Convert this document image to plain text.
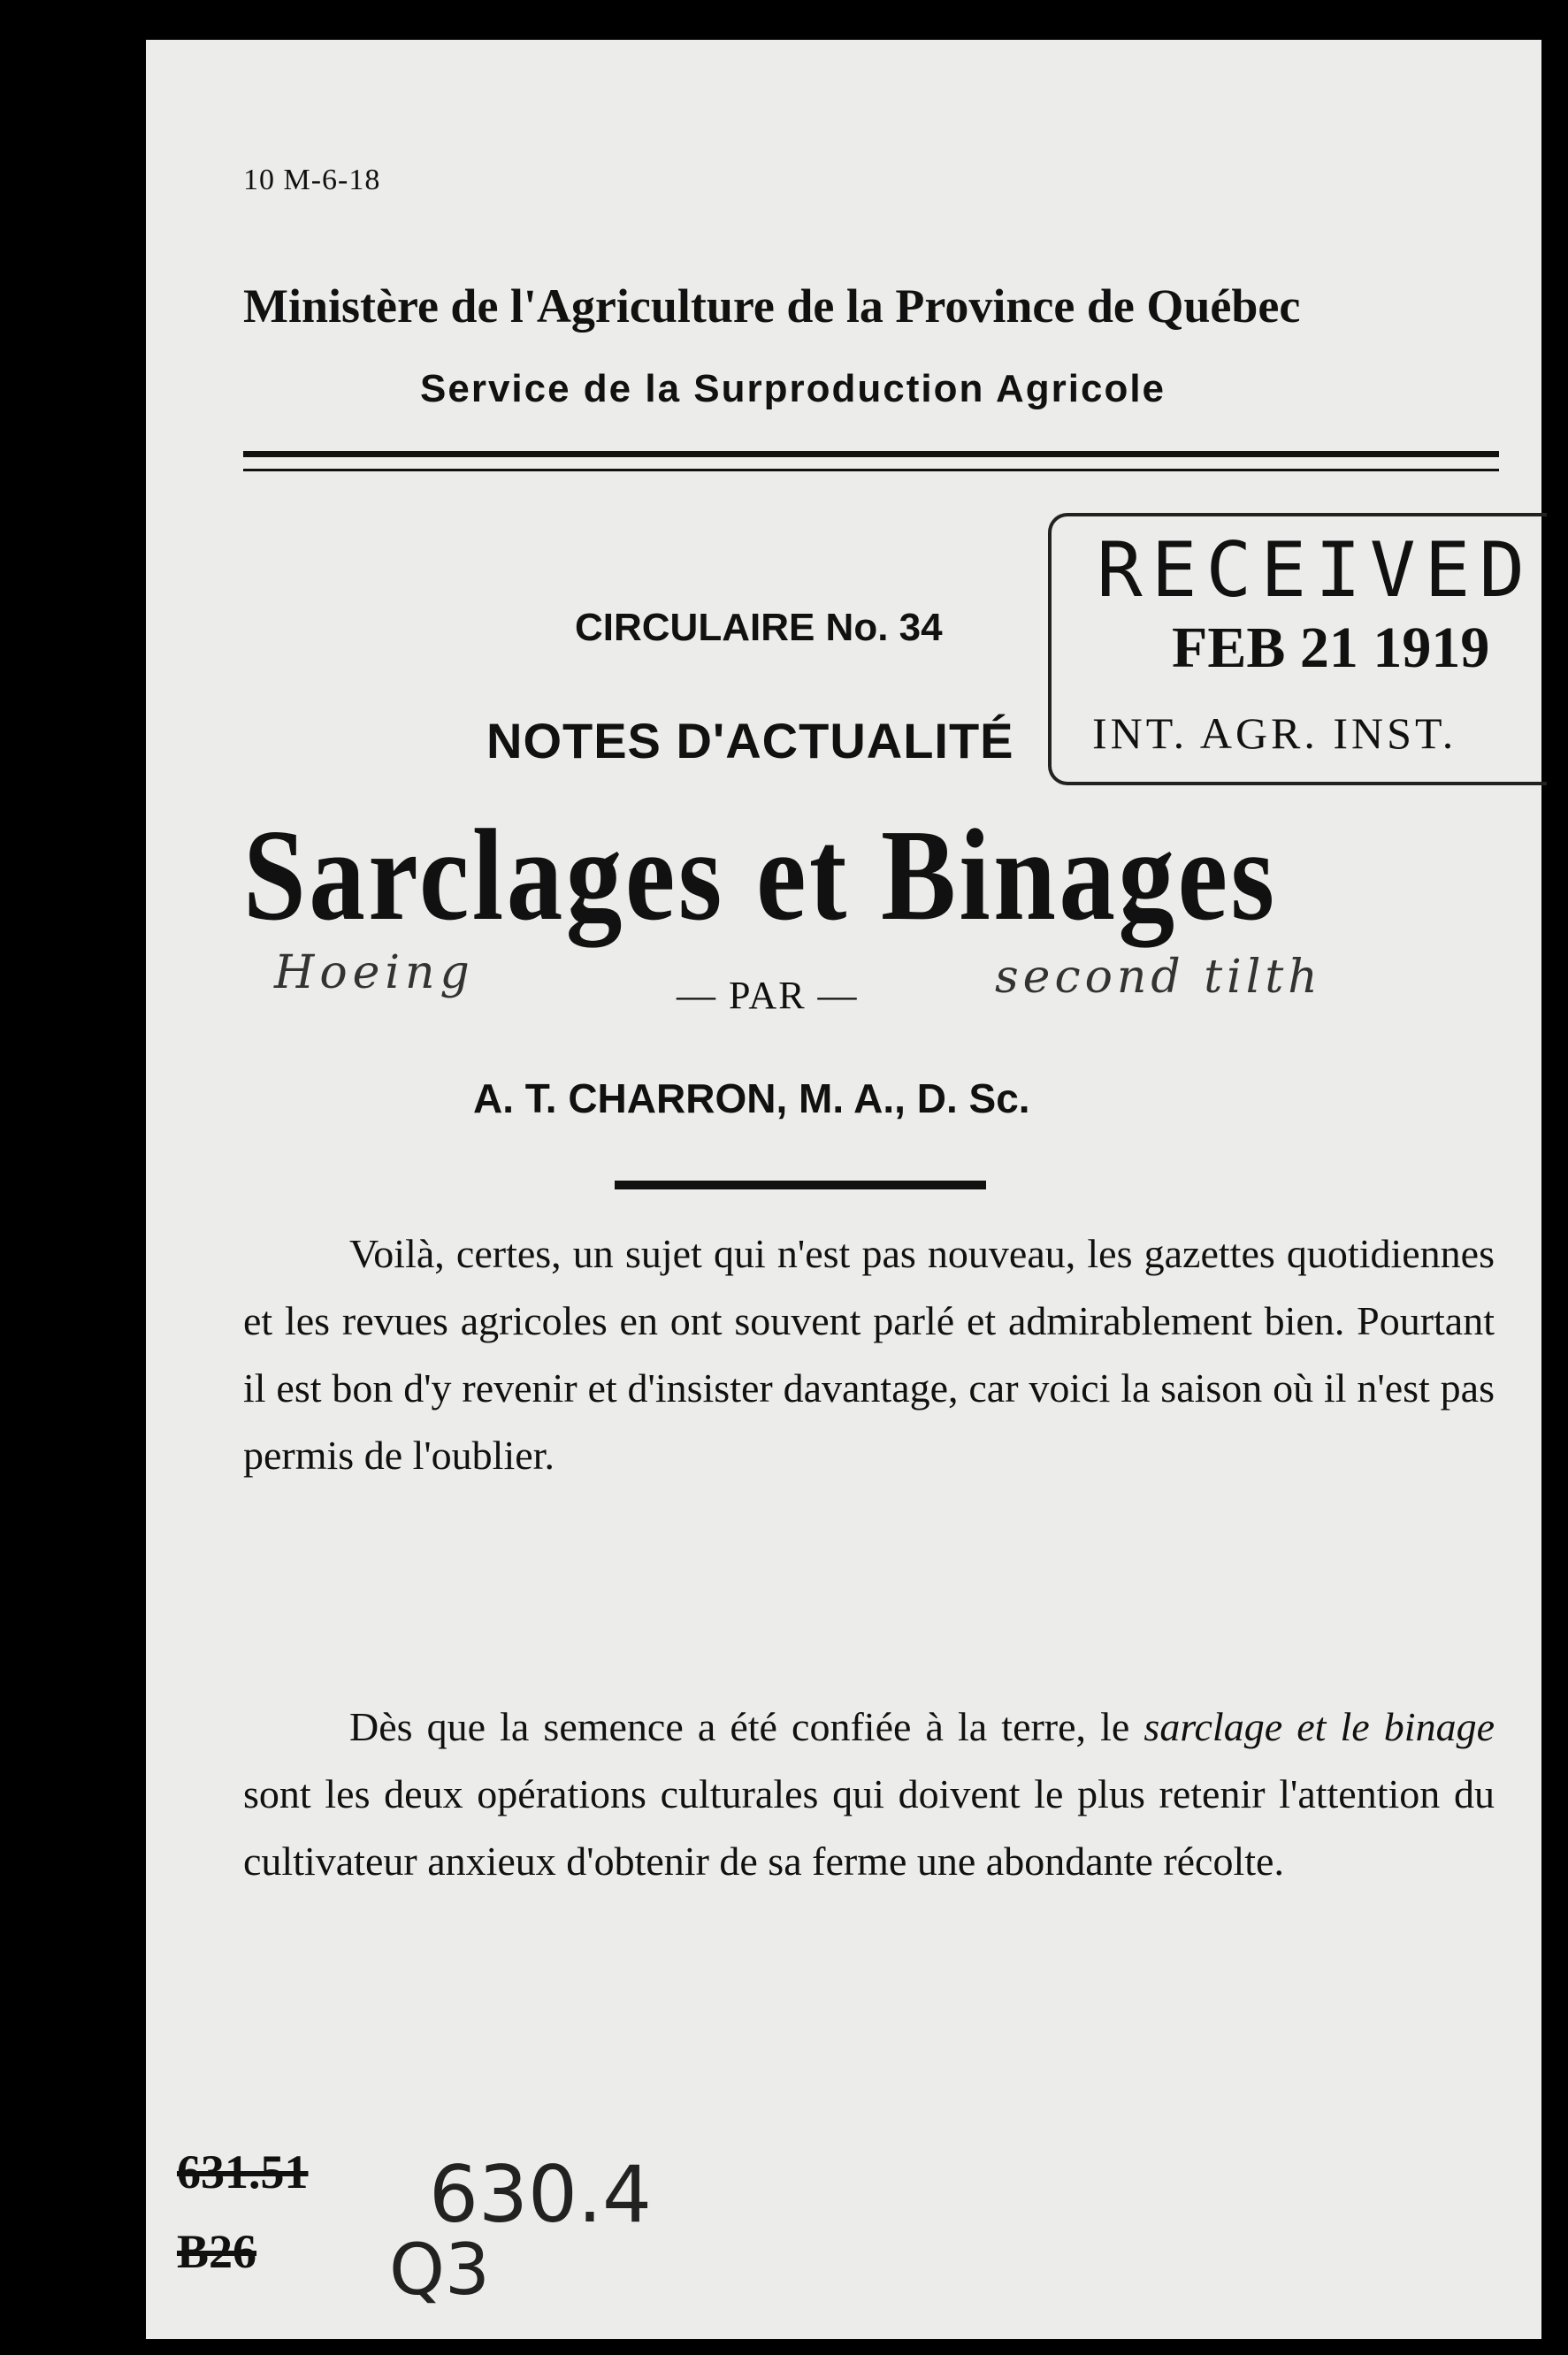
10 M-6-18
Ministère de l'Agriculture de la Province de Québec
Service de la Surproduction Agricole
RECEIVED
FEB 21 1919
INT. AGR. INST.
CIRCULAIRE No. 34
NOTES D'ACTUALITÉ
Sarclages et Binages
Hoeing	— PAR —	second tilth
A. T. CHARRON, M. A., D. Sc.

Voilà, certes, un sujet qui n'est pas nouveau, les gazettes quotidiennes et les revues agricoles en ont souvent parlé et admirablement bien. Pourtant il est bon d'y revenir et d'insister davantage, car voici la saison où il n'est pas permis de l'oublier.

Dès que la semence a été confiée à la terre, le sarclage et le binage sont les deux opérations culturales qui doivent le plus retenir l'attention du cultivateur anxieux d'obtenir de sa ferme une abondante récolte.

631.51
B26
630.4
Q3
